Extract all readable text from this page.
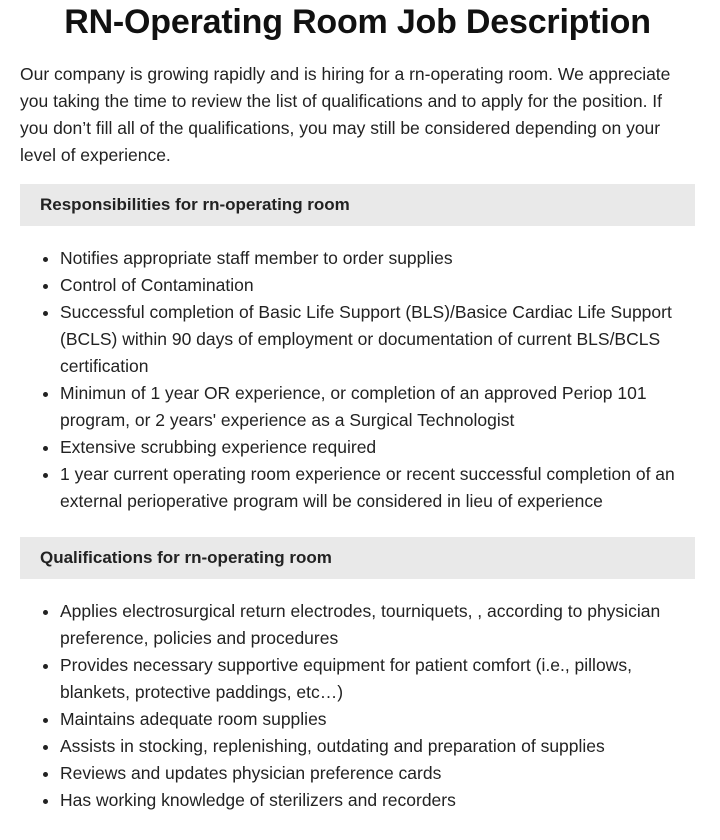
RN-Operating Room Job Description

Our company is growing rapidly and is hiring for a rn-operating room. We appreciate you taking the time to review the list of qualifications and to apply for the position. If you don’t fill all of the qualifications, you may still be considered depending on your level of experience.

Responsibilities for rn-operating room
• Notifies appropriate staff member to order supplies
• Control of Contamination
• Successful completion of Basic Life Support (BLS)/Basice Cardiac Life Support (BCLS) within 90 days of employment or documentation of current BLS/BCLS certification
• Minimun of 1 year OR experience, or completion of an approved Periop 101 program, or 2 years' experience as a Surgical Technologist
• Extensive scrubbing experience required
• 1 year current operating room experience or recent successful completion of an external perioperative program will be considered in lieu of experience
Qualifications for rn-operating room
• Applies electrosurgical return electrodes, tourniquets, , according to physician preference, policies and procedures
• Provides necessary supportive equipment for patient comfort (i.e., pillows, blankets, protective paddings, etc…)
• Maintains adequate room supplies
• Assists in stocking, replenishing, outdating and preparation of supplies
• Reviews and updates physician preference cards
• Has working knowledge of sterilizers and recorders
